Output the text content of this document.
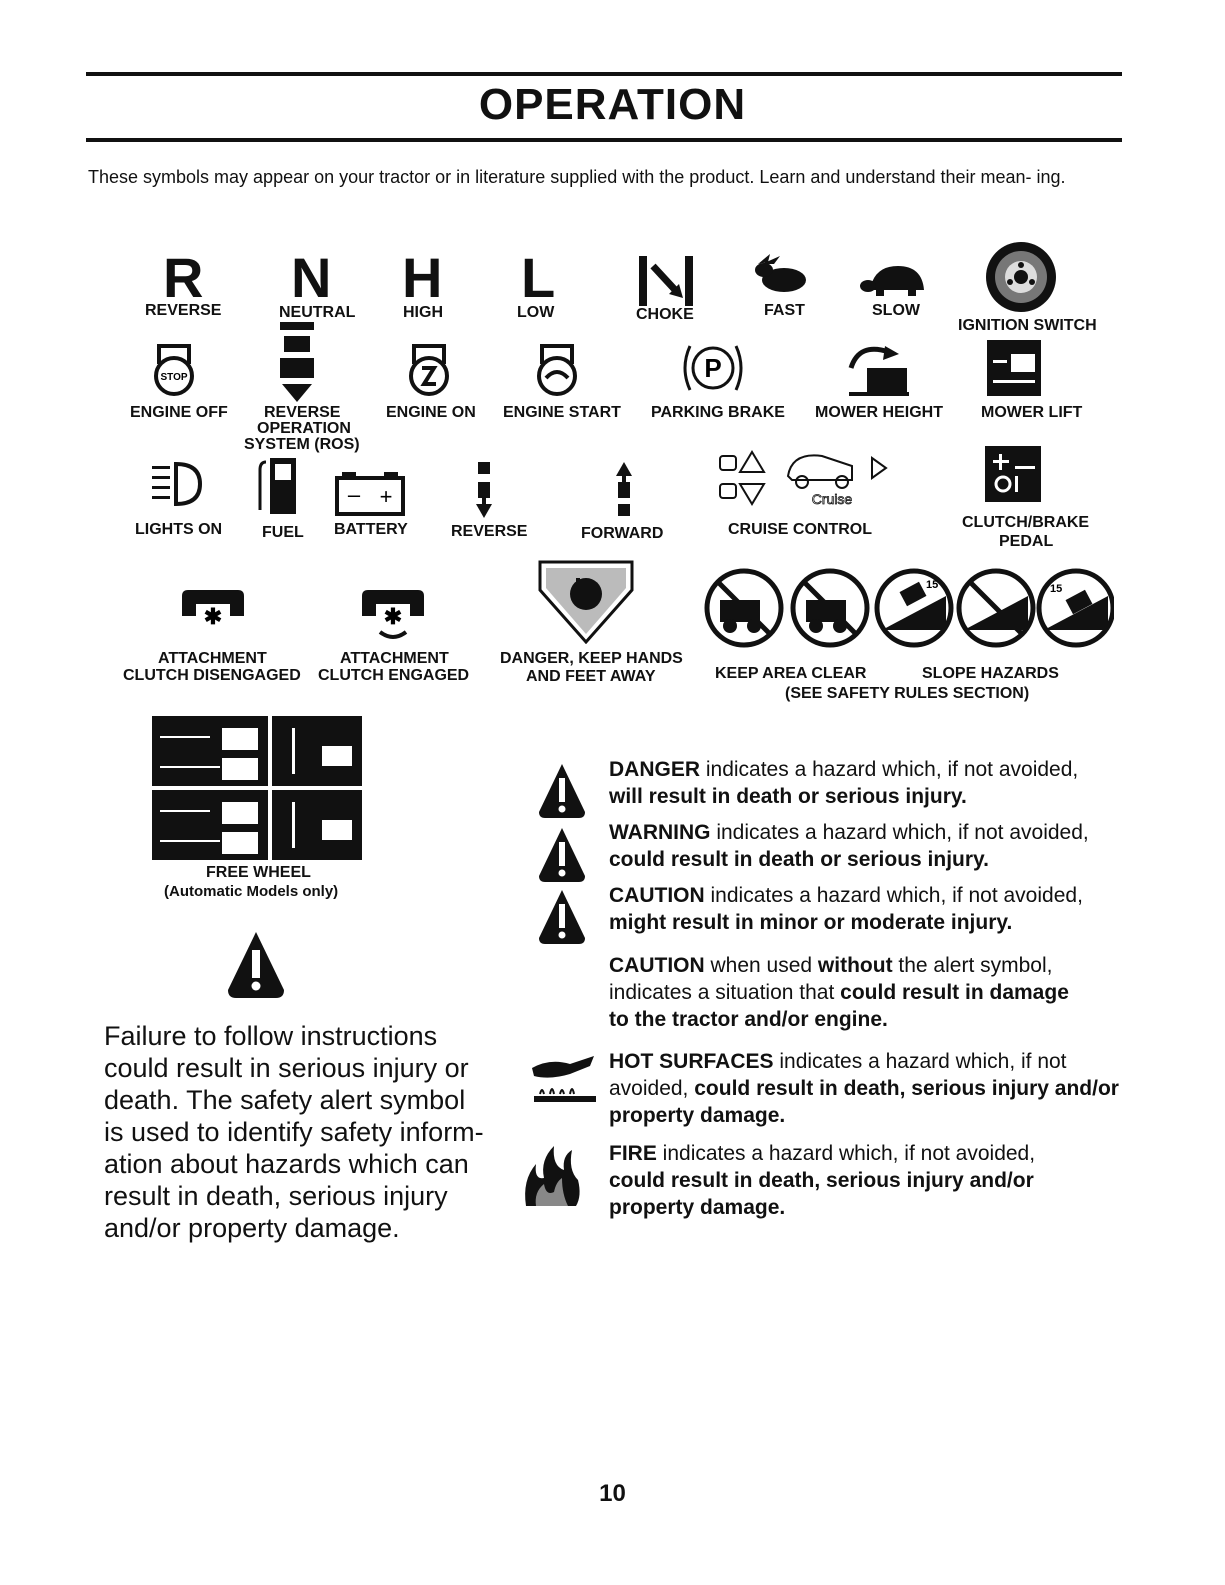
OPERATION
These symbols may appear on your tractor or in literature supplied with the product. Learn and understand their mean- ing.
R
REVERSE
N
NEUTRAL
H
HIGH
L
LOW	CHOKE	FAST	SLOW
IGNITION SWITCH
STOP
ENGINE OFF REVERSE
OPERATION
SYSTEM (ROS)
ENGINE ON ENGINE START
P
PARKING BRAKE MOWER HEIGHT MOWER LIFT
LIGHTS ON FUEL
– +
BATTERY	REVERSE	FORWARD
Cruise
CRUISE CONTROL	CLUTCH/BRAKE
PEDAL
✱
ATTACHMENT
CLUTCH DISENGAGED
✱
ATTACHMENT
CLUTCH ENGAGED
DANGER, KEEP HANDS
AND FEET AWAY	KEEP AREA CLEAR
15	15
SLOPE HAZARDS
(SEE SAFETY RULES SECTION)
FREE WHEEL
(Automatic Models only)
Failure to follow instructions could result in serious injury or death. The safety alert symbol is used to identify safety inform- ation about hazards which can result in death, serious injury and/or property damage.
DANGER indicates a hazard which, if not avoided,
will result in death or serious injury.
WARNING indicates a hazard which, if not avoided,
could result in death or serious injury.
CAUTION indicates a hazard which, if not avoided,
might result in minor or moderate injury.
CAUTION when used without the alert symbol, indicates a situation that could result in damage to the tractor and/or engine.
HOT SURFACES indicates a hazard which, if not avoided, could result in death, serious injury and/or property damage.
FIRE indicates a hazard which, if not avoided, could result in death, serious injury and/or property damage.
10
